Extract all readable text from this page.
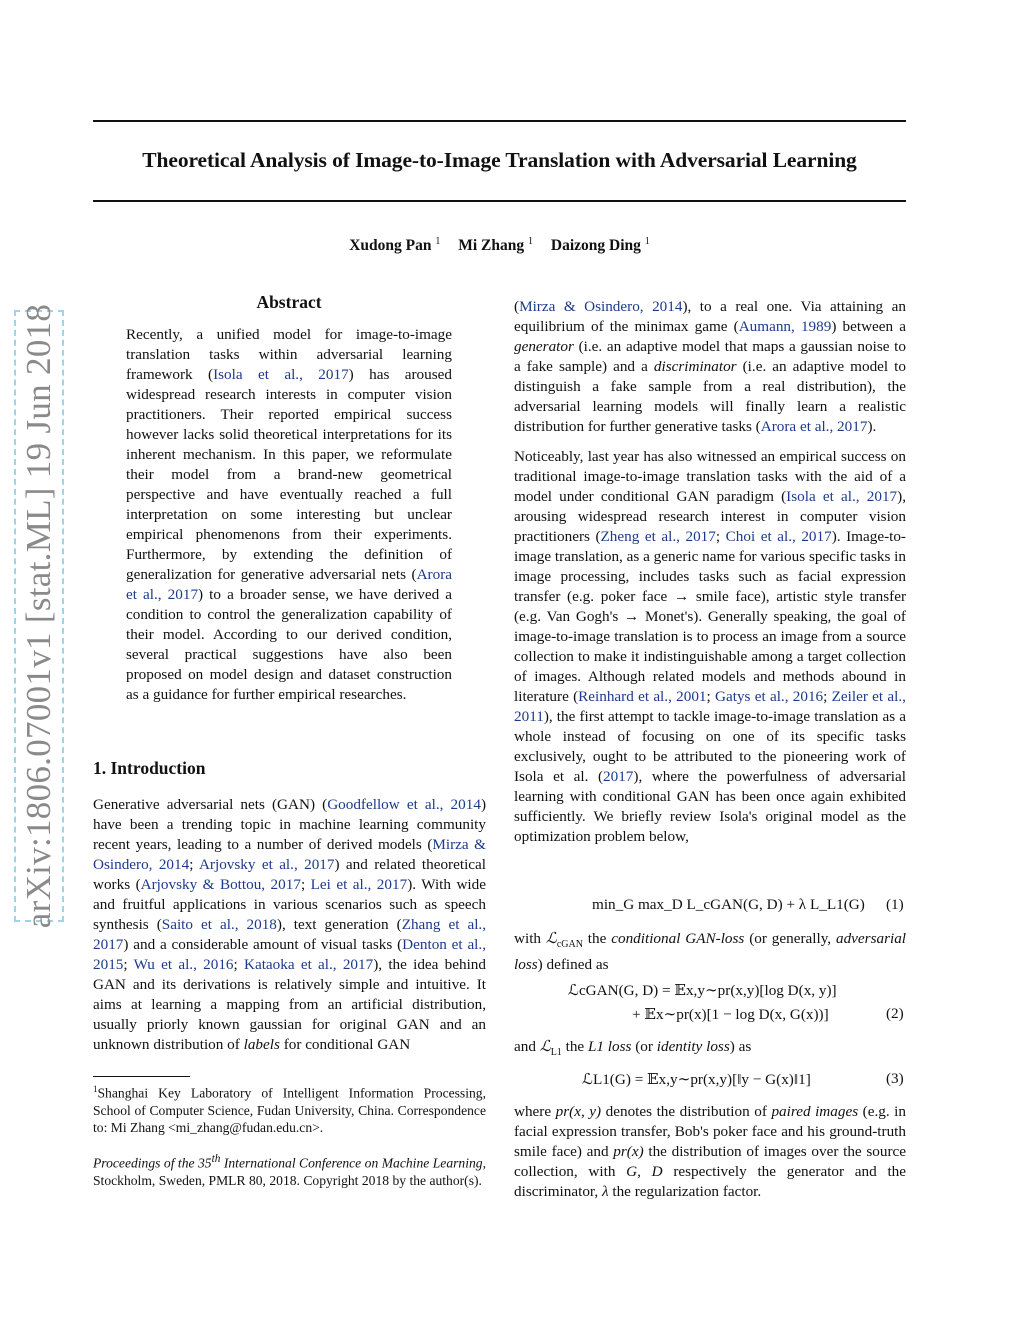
Theoretical Analysis of Image-to-Image Translation with Adversarial Learning
Xudong Pan $^1$ Mi Zhang $^1$ Daizong Ding $^1$
arXiv:1806.07001v1 [stat.ML] 19 Jun 2018
Abstract

Recently, a unified model for image-to-image translation tasks within adversarial learning framework (Isola et al., 2017) has aroused widespread research interests in computer vision practitioners. Their reported empirical success however lacks solid theoretical interpretations for its inherent mechanism. In this paper, we reformulate their model from a brand-new geometrical perspective and have eventually reached a full interpretation on some interesting but unclear empirical phenomenons from their experiments. Furthermore, by extending the definition of generalization for generative adversarial nets (Arora et al., 2017) to a broader sense, we have derived a condition to control the generalization capability of their model. According to our derived condition, several practical suggestions have also been proposed on model design and dataset construction as a guidance for further empirical researches.

1. Introduction

Generative adversarial nets (GAN) (Goodfellow et al., 2014) have been a trending topic in machine learning community recent years, leading to a number of derived models (Mirza & Osindero, 2014; Arjovsky et al., 2017) and related theoretical works (Arjovsky & Bottou, 2017; Lei et al., 2017). With wide and fruitful applications in various scenarios such as speech synthesis (Saito et al., 2018), text generation (Zhang et al., 2017) and a considerable amount of visual tasks (Denton et al., 2015; Wu et al., 2016; Kataoka et al., 2017), the idea behind GAN and its derivations is relatively simple and intuitive. It aims at learning a mapping from an artificial distribution, usually priorly known gaussian for original GAN and an unknown distribution of labels for conditional GAN

$^1$Shanghai Key Laboratory of Intelligent Information Processing, School of Computer Science, Fudan University, China. Correspondence to: Mi Zhang <mi_zhang@fudan.edu.cn>.
Proceedings of the 35th International Conference on Machine Learning, Stockholm, Sweden, PMLR 80, 2018. Copyright 2018 by the author(s).

(Mirza & Osindero, 2014), to a real one. Via attaining an equilibrium of the minimax game (Aumann, 1989) between a generator (i.e. an adaptive model that maps a gaussian noise to a fake sample) and a discriminator (i.e. an adaptive model to distinguish a fake sample from a real distribution), the adversarial learning models will finally learn a realistic distribution for further generative tasks (Arora et al., 2017).

Noticeably, last year has also witnessed an empirical success on traditional image-to-image translation tasks with the aid of a model under conditional GAN paradigm (Isola et al., 2017), arousing widespread research interest in computer vision practitioners (Zheng et al., 2017; Choi et al., 2017). Image-to-image translation, as a generic name for various specific tasks in image processing, includes tasks such as facial expression transfer (e.g. poker face → smile face), artistic style transfer (e.g. Van Gogh's → Monet's). Generally speaking, the goal of image-to-image translation is to process an image from a source collection to make it indistinguishable among a target collection of images. Although related models and methods abound in literature (Reinhard et al., 2001; Gatys et al., 2016; Zeiler et al., 2011), the first attempt to tackle image-to-image translation as a whole instead of focusing on one of its specific tasks exclusively, ought to be attributed to the pioneering work of Isola et al. (2017), where the powerfulness of adversarial learning with conditional GAN has been once again exhibited sufficiently. We briefly review Isola's original model as the optimization problem below,

min_G max_D L_cGAN(G, D) + λ L_L1(G) (1)
with ℒ$_{cGAN}$ the conditional GAN-loss (or generally, adversarial loss) defined as
ℒcGAN(G, D) = 𝔼x,y∼pr(x,y)[log D(x, y)]
+ 𝔼x∼pr(x)[1 − log D(x, G(x))]	(2)
and ℒ$_{L1}$ the L1 loss (or identity loss) as
ℒL1(G) = 𝔼x,y∼pr(x,y)[‖y − G(x)‖1]	(3)
where pr(x, y) denotes the distribution of paired images (e.g. in facial expression transfer, Bob's poker face and his ground-truth smile face) and pr(x) the distribution of images over the source collection, with G, D respectively the generator and the discriminator, λ the regularization factor.
